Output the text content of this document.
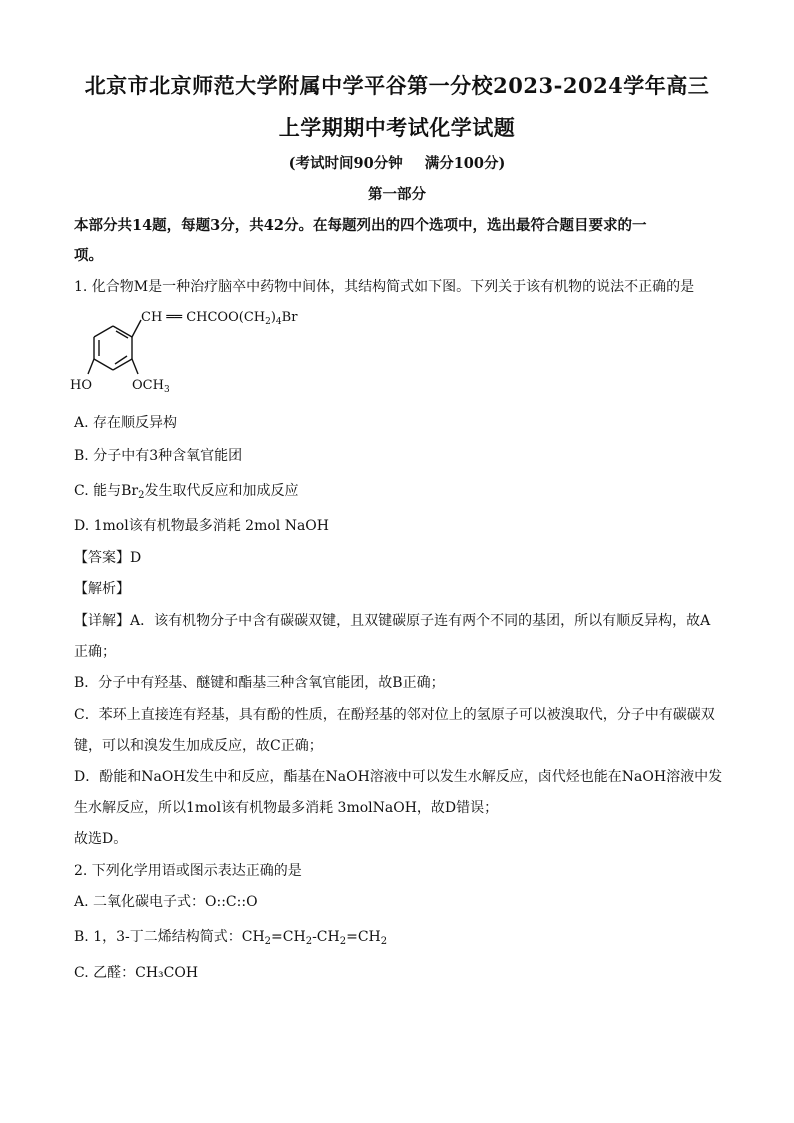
北京市北京师范大学附属中学平谷第一分校2023-2024学年高三
上学期期中考试化学试题
(考试时间90分钟 满分100分)
第一部分
本部分共14题，每题3分，共42分。在每题列出的四个选项中，选出最符合题目要求的一
项。
1. 化合物M是一种治疗脑卒中药物中间体，其结构简式如下图。下列关于该有机物的说法不正确的是
CH ══ $CHCOO(CH_2)_4Br$
HO	$OCH_3$
A. 存在顺反异构
B. 分子中有3种含氧官能团
C. 能与$Br_2$发生取代反应和加成反应
D. 1mol该有机物最多消耗 2mol NaOH
【答案】D
【解析】
【详解】A．该有机物分子中含有碳碳双键，且双键碳原子连有两个不同的基团，所以有顺反异构，故A
正确；
B．分子中有羟基、醚键和酯基三种含氧官能团，故B正确；
C．苯环上直接连有羟基，具有酚的性质，在酚羟基的邻对位上的氢原子可以被溴取代，分子中有碳碳双
键，可以和溴发生加成反应，故C正确；
D．酚能和NaOH发生中和反应，酯基在NaOH溶液中可以发生水解反应，卤代烃也能在NaOH溶液中发
生水解反应，所以1mol该有机物最多消耗 3molNaOH，故D错误；
故选D。
2. 下列化学用语或图示表达正确的是
A. 二氧化碳电子式：O::C::O
B. 1，3-丁二烯结构简式：$CH_2=CH_2-CH_2=CH_2$
C. 乙醛：CH₃COH
